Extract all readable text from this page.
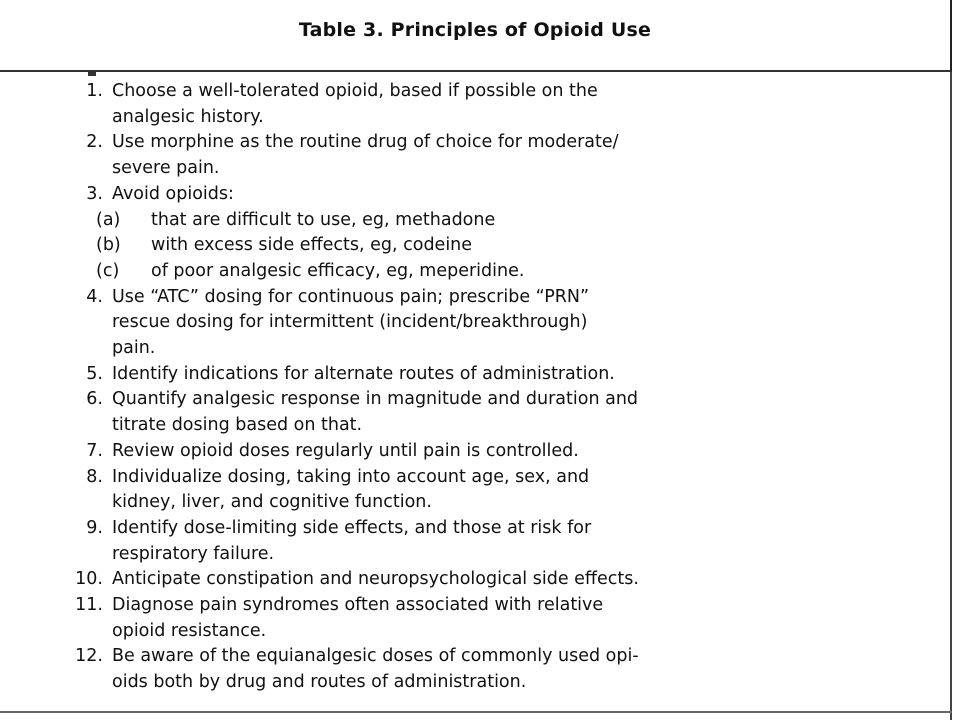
Table 3. Principles of Opioid Use
1. Choose a well-tolerated opioid, based if possible on the
analgesic history.
2. Use morphine as the routine drug of choice for moderate/
severe pain.
3. Avoid opioids:
(a)	that are difficult to use, eg, methadone
(b)	with excess side effects, eg, codeine
(c)	of poor analgesic efficacy, eg, meperidine.
4. Use “ATC” dosing for continuous pain; prescribe “PRN”
rescue dosing for intermittent (incident/breakthrough)
pain.
5. Identify indications for alternate routes of administration.
6. Quantify analgesic response in magnitude and duration and
titrate dosing based on that.
7. Review opioid doses regularly until pain is controlled.
8. Individualize dosing, taking into account age, sex, and
kidney, liver, and cognitive function.
9. Identify dose-limiting side effects, and those at risk for
respiratory failure.
10. Anticipate constipation and neuropsychological side effects.
11. Diagnose pain syndromes often associated with relative
opioid resistance.
12. Be aware of the equianalgesic doses of commonly used opi-
oids both by drug and routes of administration.
